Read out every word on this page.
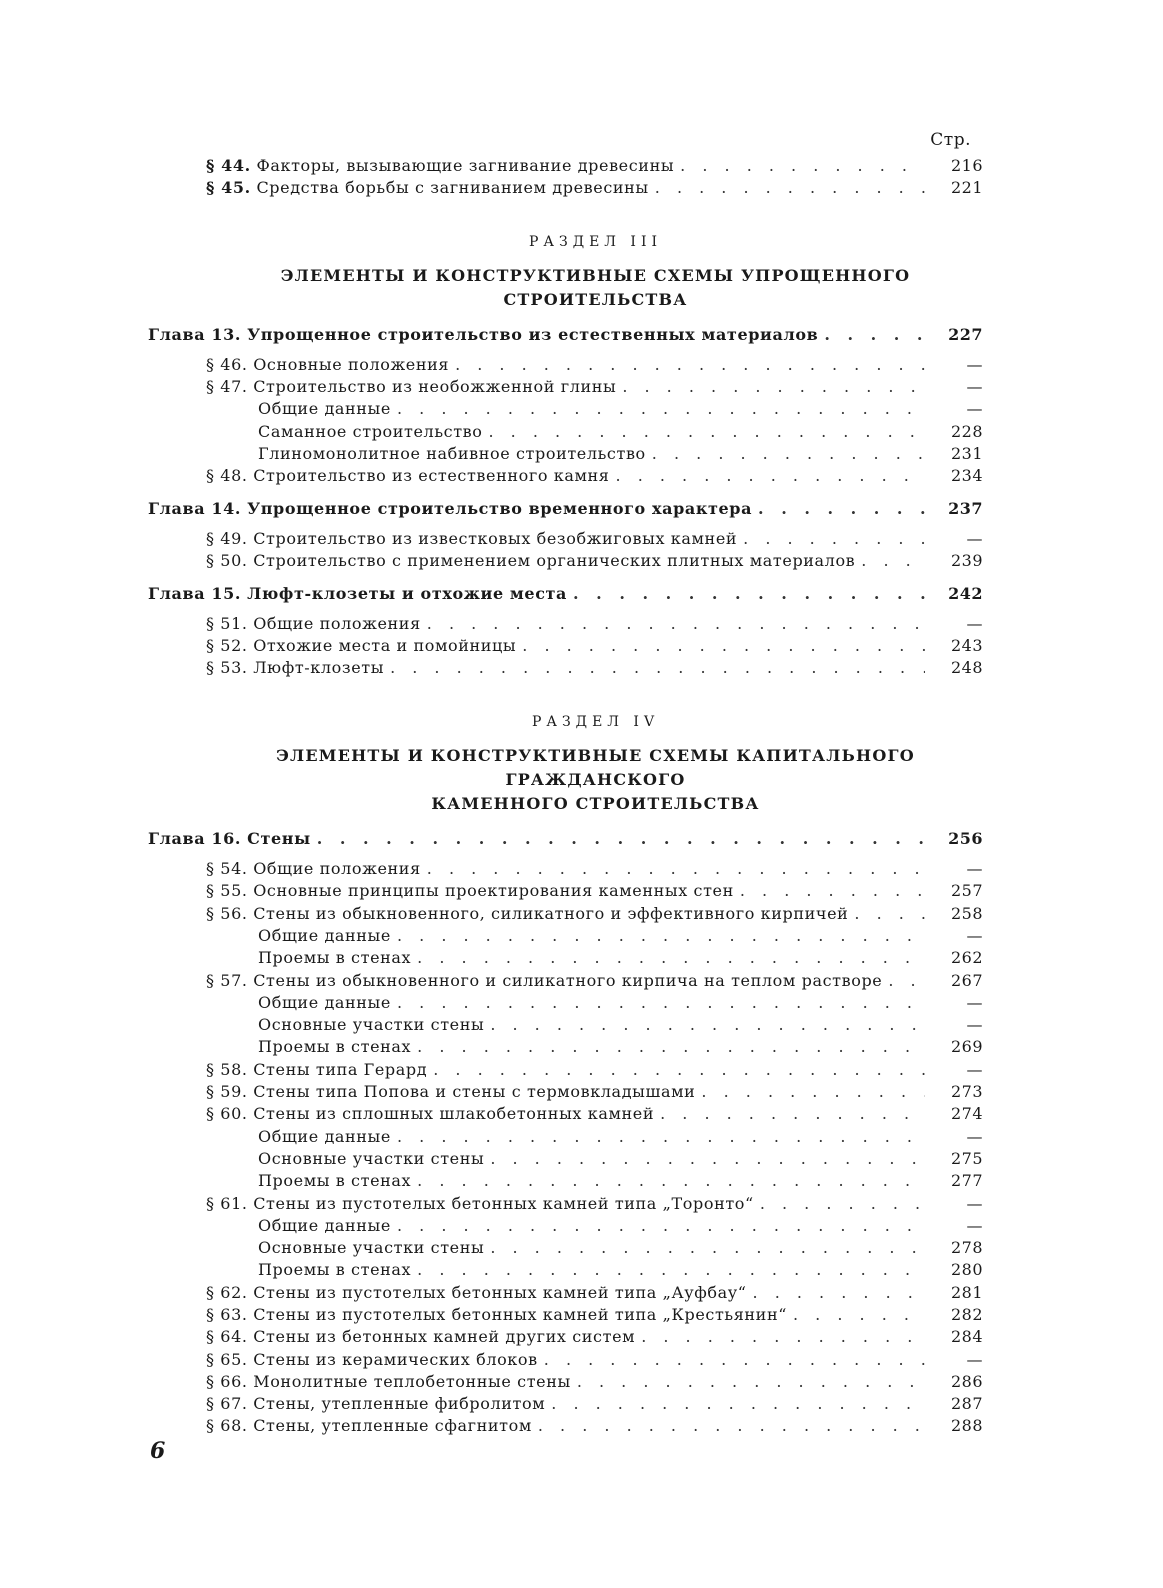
Стр.
§ 44. Факторы, вызывающие загнивание древесины . . .	216
§ 45. Средства борьбы с загниванием древесины . . .	221
РАЗДЕЛ III
ЭЛЕМЕНТЫ И КОНСТРУКТИВНЫЕ СХЕМЫ УПРОЩЕННОГО СТРОИТЕЛЬСТВА
Глава 13. Упрощенное строительство из естественных материалов . . .	227
§ 46. Основные положения . . .	—
§ 47. Строительство из необожженной глины . . .	—
Общие данные . . .	—
Саманное строительство . . .	228
Глиномонолитное набивное строительство . . .	231
§ 48. Строительство из естественного камня . . .	234
Глава 14. Упрощенное строительство временного характера . . .	237
§ 49. Строительство из известковых безобжиговых камней . . .	—
§ 50. Строительство с применением органических плитных материалов . . .	239
Глава 15. Люфт-клозеты и отхожие места . . .	242
§ 51. Общие положения . . .	—
§ 52. Отхожие места и помойницы . . .	243
§ 53. Люфт-клозеты . . .	248
РАЗДЕЛ IV
ЭЛЕМЕНТЫ И КОНСТРУКТИВНЫЕ СХЕМЫ КАПИТАЛЬНОГО ГРАЖДАНСКОГО
КАМЕННОГО СТРОИТЕЛЬСТВА
Глава 16. Стены . . .	256
§ 54. Общие положения . . .	—
§ 55. Основные принципы проектирования каменных стен . . .	257
§ 56. Стены из обыкновенного, силикатного и эффективного кирпичей . . .	258
Общие данные . . .	—
Проемы в стенах . . .	262
§ 57. Стены из обыкновенного и силикатного кирпича на теплом растворе . . .	267
Общие данные . . .	—
Основные участки стены . . .	—
Проемы в стенах . . .	269
§ 58. Стены типа Герард . . .	—
§ 59. Стены типа Попова и стены с термовкладышами . . .	273
§ 60. Стены из сплошных шлакобетонных камней . . .	274
Общие данные . . .	—
Основные участки стены . . .	275
Проемы в стенах . . .	277
§ 61. Стены из пустотелых бетонных камней типа „Торонто“ . . .	—
Общие данные . . .	—
Основные участки стены . . .	278
Проемы в стенах . . .	280
§ 62. Стены из пустотелых бетонных камней типа „Ауфбау“ . . .	281
§ 63. Стены из пустотелых бетонных камней типа „Крестьянин“ . . .	282
§ 64. Стены из бетонных камней других систем . . .	284
§ 65. Стены из керамических блоков . . .	—
§ 66. Монолитные теплобетонные стены . . .	286
§ 67. Стены, утепленные фибролитом . . .	287
§ 68. Стены, утепленные сфагнитом . . .	288
6
